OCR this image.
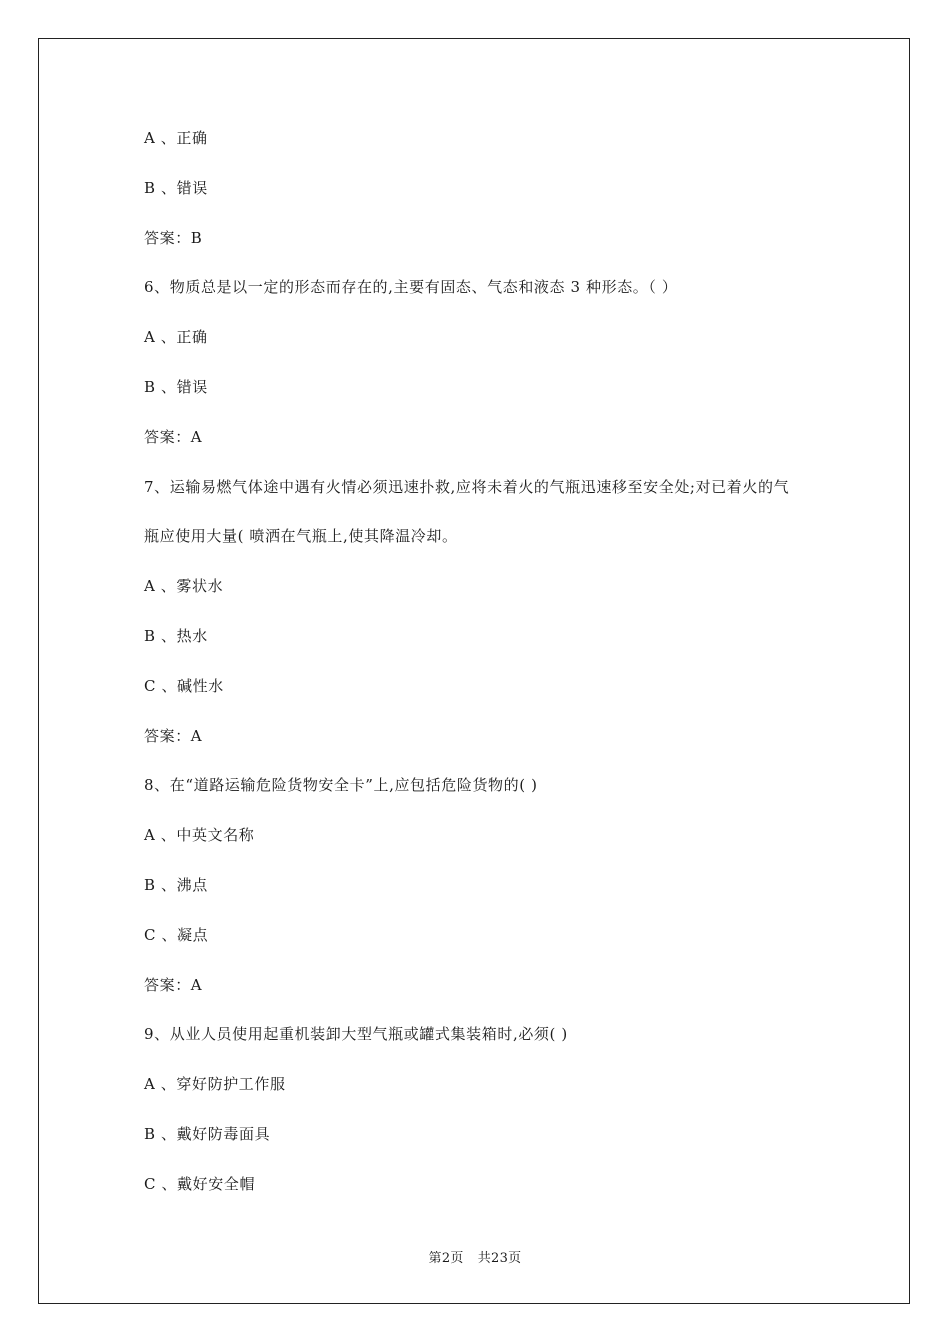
A 、正确
B 、错误
答案：B
6、物质总是以一定的形态而存在的,主要有固态、气态和液态 3 种形态。（ ）
A 、正确
B 、错误
答案：A
7、运输易燃气体途中遇有火情必须迅速扑救,应将未着火的气瓶迅速移至安全处;对已着火的气
瓶应使用大量( 喷洒在气瓶上,使其降温冷却。
A 、雾状水
B 、热水
C 、碱性水
答案：A
8、在“道路运输危险货物安全卡”上,应包括危险货物的( )
A 、中英文名称
B 、沸点
C 、凝点
答案：A
9、从业人员使用起重机装卸大型气瓶或罐式集装箱时,必须( )
A 、穿好防护工作服
B 、戴好防毒面具
C 、戴好安全帽
第2页 共23页
